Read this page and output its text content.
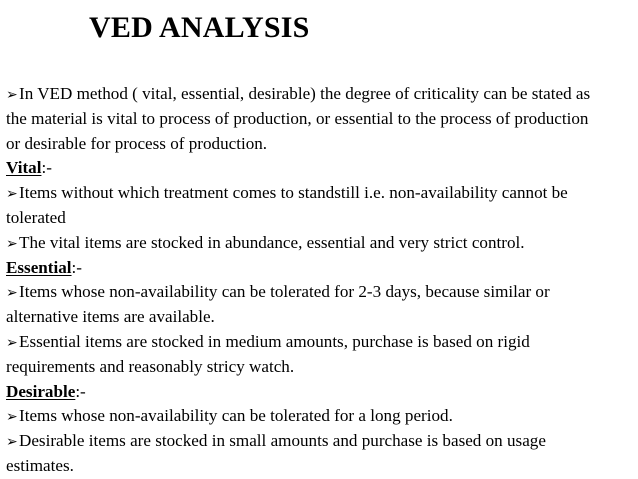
VED ANALYSIS
➢In VED method ( vital, essential, desirable) the degree of criticality can be stated as
the material is vital to process of production, or essential to the process of production
or desirable for process of production.
Vital:-
➢Items without which treatment comes to standstill i.e. non-availability cannot be
tolerated
➢The vital items are stocked in abundance, essential and very strict control.
Essential:-
➢Items whose non-availability can be tolerated for 2-3 days, because similar or
alternative items are available.
➢Essential items are stocked in medium amounts, purchase is based on rigid
requirements and reasonably stricy watch.
Desirable:-
➢Items whose non-availability can be tolerated for a long period.
➢Desirable items are stocked in small amounts and purchase is based on usage
estimates.
